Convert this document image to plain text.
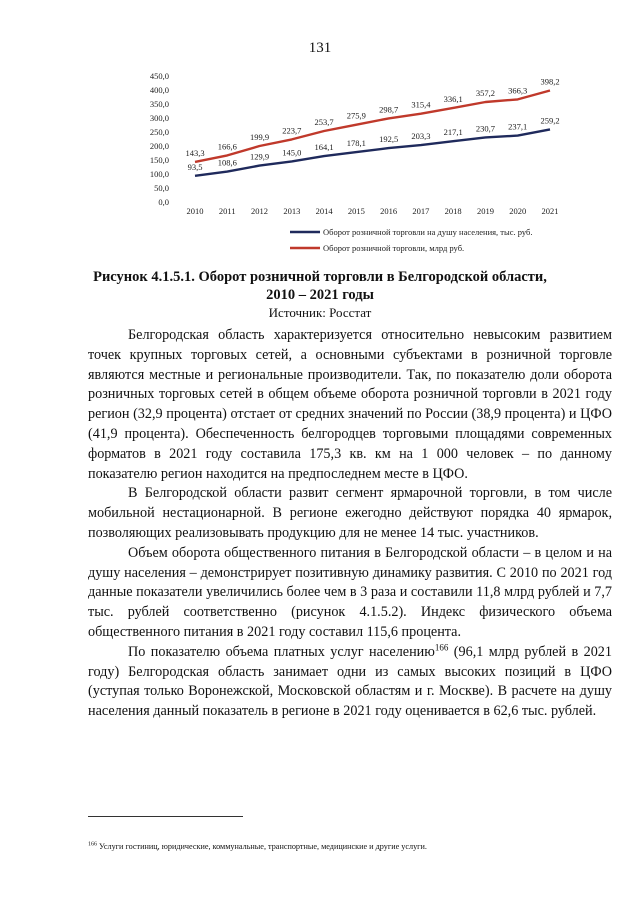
131
0,0
50,0
100,0
150,0
200,0
250,0
300,0
350,0
400,0
450,0
2010 2011 2012 2013 2014 2015 2016 2017 2018 2019 2020 2021
93,5 108,6
129,9 145,0
164,1 178,1 192,5 203,3 217,1 230,7 237,1
259,2
143,3
166,6
199,9
223,7
253,7
275,9
298,7 315,4
336,1
357,2 366,3
398,2
Оборот розничной торговли на душу населения, тыс. руб.
Оборот розничной торговли, млрд руб.
Рисунок 4.1.5.1. Оборот розничной торговли в Белгородской области,
2010 – 2021 годы
Источник: Росстат

Белгородская область характеризуется относительно невысоким развитием точек крупных торговых сетей, а основными субъектами в розничной торговле являются местные и региональные производители. Так, по показателю доли оборота розничных торговых сетей в общем объеме оборота розничной торговли в 2021 году регион (32,9 процента) отстает от средних значений по России (38,9 процента) и ЦФО (41,9 процента). Обеспеченность белгородцев торговыми площадями современных форматов в 2021 году составила 175,3 кв. км на 1 000 человек – по данному показателю регион находится на предпоследнем месте в ЦФО.

В Белгородской области развит сегмент ярмарочной торговли, в том числе мобильной нестационарной. В регионе ежегодно действуют порядка 40 ярмарок, позволяющих реализовывать продукцию для не менее 14 тыс. участников.

Объем оборота общественного питания в Белгородской области – в целом и на душу населения – демонстрирует позитивную динамику развития. С 2010 по 2021 год данные показатели увеличились более чем в 3 раза и составили 11,8 млрд рублей и 7,7 тыс. рублей соответственно (рисунок 4.1.5.2). Индекс физического объема общественного питания в 2021 году составил 115,6 процента.

По показателю объема платных услуг населению$^{166}$ (96,1 млрд рублей в 2021 году) Белгородская область занимает одни из самых высоких позиций в ЦФО (уступая только Воронежской, Московской областям и г. Москве). В расчете на душу населения данный показатель в регионе в 2021 году оценивается в 62,6 тыс. рублей.

$^{166}$ Услуги гостиниц, юридические, коммунальные, транспортные, медицинские и другие услуги.
